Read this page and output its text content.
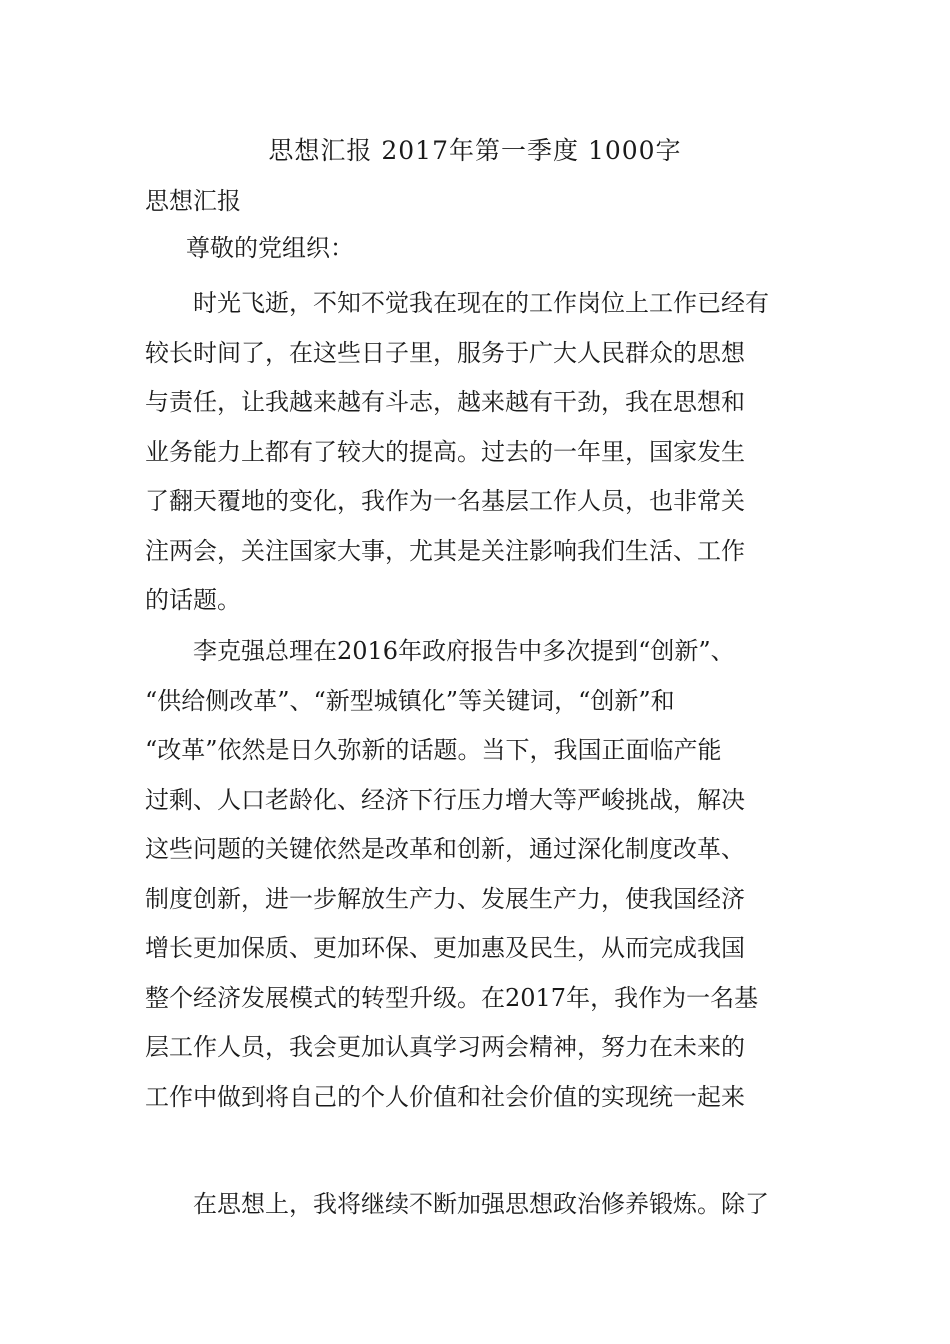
思想汇报 2017年第一季度 1000字
思想汇报
尊敬的党组织：
时光飞逝，不知不觉我在现在的工作岗位上工作已经有
较长时间了，在这些日子里，服务于广大人民群众的思想
与责任，让我越来越有斗志，越来越有干劲，我在思想和
业务能力上都有了较大的提高。过去的一年里，国家发生
了翻天覆地的变化，我作为一名基层工作人员，也非常关
注两会，关注国家大事，尤其是关注影响我们生活、工作
的话题。
李克强总理在2016年政府报告中多次提到“创新”、
“供给侧改革”、“新型城镇化”等关键词，“创新”和
“改革”依然是日久弥新的话题。当下，我国正面临产能
过剩、人口老龄化、经济下行压力增大等严峻挑战，解决
这些问题的关键依然是改革和创新，通过深化制度改革、
制度创新，进一步解放生产力、发展生产力，使我国经济
增长更加保质、更加环保、更加惠及民生，从而完成我国
整个经济发展模式的转型升级。在2017年，我作为一名基
层工作人员，我会更加认真学习两会精神，努力在未来的
工作中做到将自己的个人价值和社会价值的实现统一起来
在思想上，我将继续不断加强思想政治修养锻炼。除了
